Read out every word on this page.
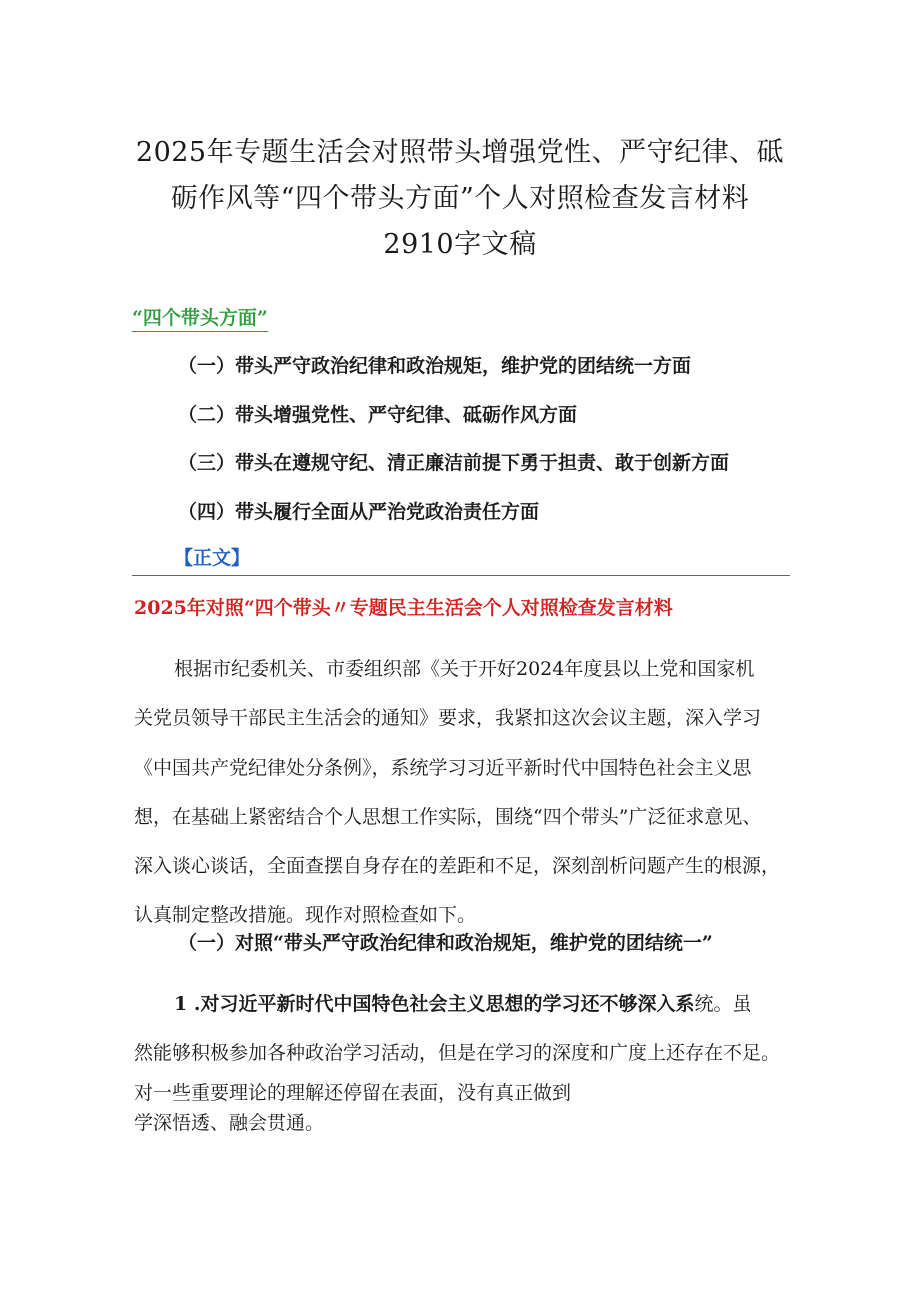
2025年专题生活会对照带头增强党性、严守纪律、砥
砺作风等“四个带头方面”个人对照检查发言材料
2910字文稿
“四个带头方面”
（一）带头严守政治纪律和政治规矩，维护党的团结统一方面
（二）带头增强党性、严守纪律、砥砺作风方面
（三）带头在遵规守纪、清正廉洁前提下勇于担责、敢于创新方面
（四）带头履行全面从严治党政治责任方面
【正文】
2025年对照“四个带头〃专题民主生活会个人对照检查发言材料
根据市纪委机关、市委组织部《关于开好2024年度县以上党和国家机
关党员领导干部民主生活会的通知》要求，我紧扣这次会议主题，深入学习
《中国共产党纪律处分条例》，系统学习习近平新时代中国特色社会主义思
想，在基础上紧密结合个人思想工作实际，围绕“四个带头”广泛征求意见、
深入谈心谈话，全面查摆自身存在的差距和不足，深刻剖析问题产生的根源，
认真制定整改措施。现作对照检查如下。
（一）对照“带头严守政治纪律和政治规矩，维护党的团结统一”
1 .对习近平新时代中国特色社会主义思想的学习还不够深入系统。虽
然能够积极参加各种政治学习活动，但是在学习的深度和广度上还存在不足。
对一些重要理论的理解还停留在表面，没有真正做到
学深悟透、融会贯通。
